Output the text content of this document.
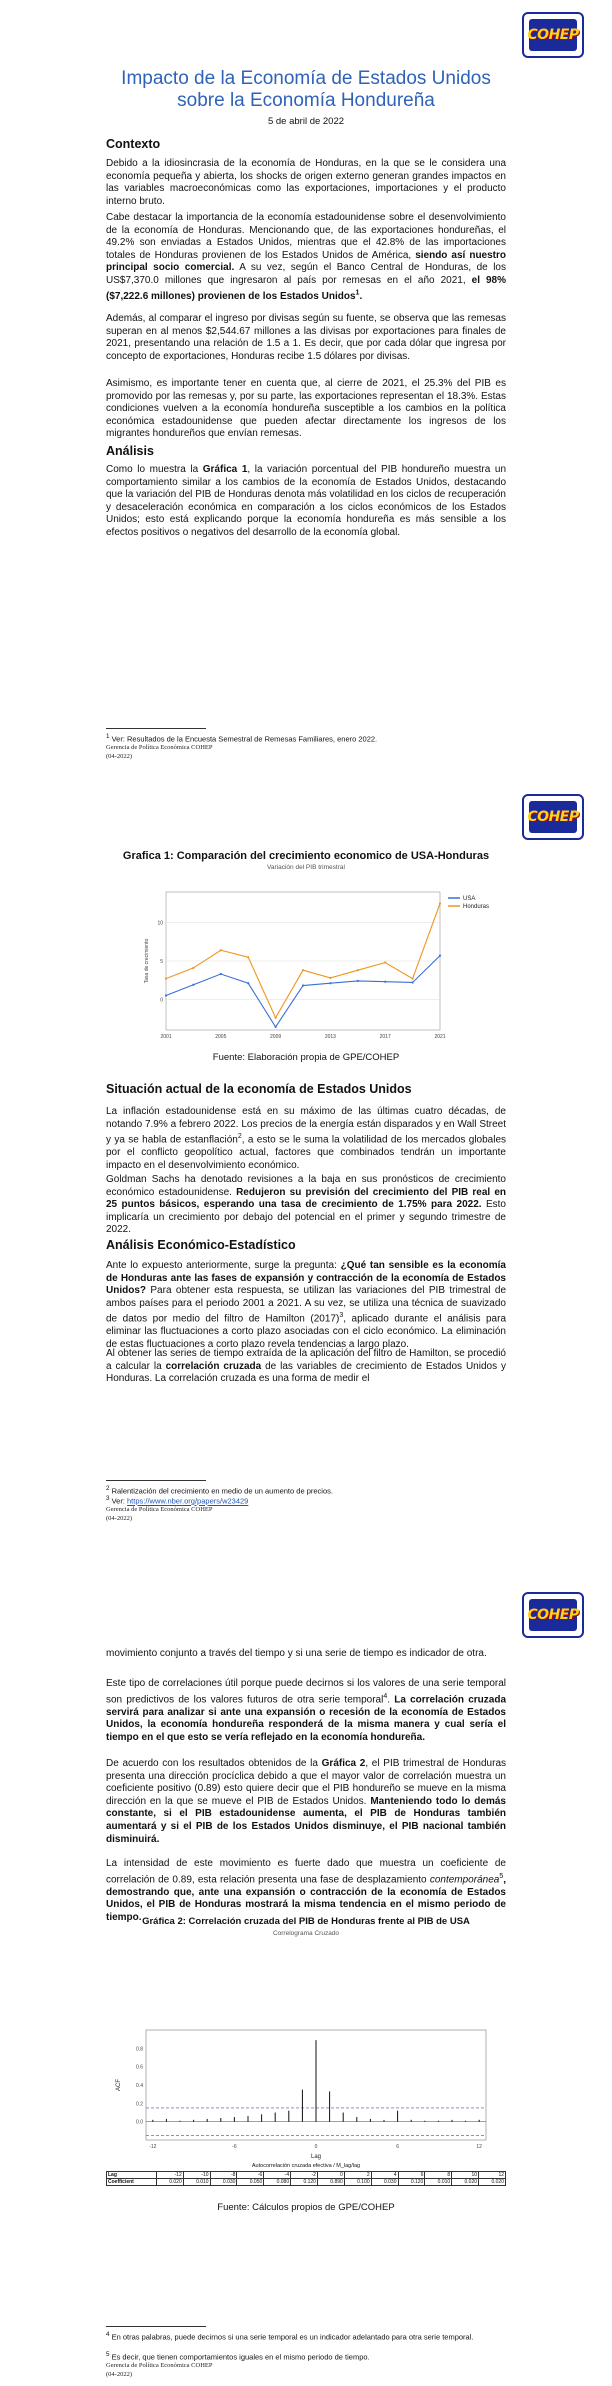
COHEP
Impacto de la Economía de Estados Unidos
sobre la Economía Hondureña
5 de abril de 2022
Contexto

Debido a la idiosincrasia de la economía de Honduras, en la que se le considera una economía pequeña y abierta, los shocks de origen externo generan grandes impactos en las variables macroeconómicas como las exportaciones, importaciones y el producto interno bruto.

Cabe destacar la importancia de la economía estadounidense sobre el desenvolvimiento de la economía de Honduras. Mencionando que, de las exportaciones hondureñas, el 49.2% son enviadas a Estados Unidos, mientras que el 42.8% de las importaciones totales de Honduras provienen de los Estados Unidos de América, siendo así nuestro principal socio comercial. A su vez, según el Banco Central de Honduras, de los US$7,370.0 millones que ingresaron al país por remesas en el año 2021, el 98% ($7,222.6 millones) provienen de los Estados Unidos$^1$.

Además, al comparar el ingreso por divisas según su fuente, se observa que las remesas superan en al menos $2,544.67 millones a las divisas por exportaciones para finales de 2021, presentando una relación de 1.5 a 1. Es decir, que por cada dólar que ingresa por concepto de exportaciones, Honduras recibe 1.5 dólares por divisas.

Asimismo, es importante tener en cuenta que, al cierre de 2021, el 25.3% del PIB es promovido por las remesas y, por su parte, las exportaciones representan el 18.3%. Estas condiciones vuelven a la economía hondureña susceptible a los cambios en la política económica estadounidense que pueden afectar directamente los ingresos de los migrantes hondureños que envían remesas.

Análisis

Como lo muestra la Gráfica 1, la variación porcentual del PIB hondureño muestra un comportamiento similar a los cambios de la economía de Estados Unidos, destacando que la variación del PIB de Honduras denota más volatilidad en los ciclos de recuperación y desaceleración económica en comparación a los ciclos económicos de los Estados Unidos; esto está explicando porque la economía hondureña es más sensible a los efectos positivos o negativos del desarrollo de la economía global.

$^1$ Ver: Resultados de la Encuesta Semestral de Remesas Familiares, enero 2022.
Gerencia de Política Económica COHEP
(04-2022)
COHEP
Grafica 1: Comparación del crecimiento economico de USA-Honduras
Variación del PIB trimestral
Fuente: Elaboración propia de GPE/COHEP
Situación actual de la economía de Estados Unidos

La inflación estadounidense está en su máximo de las últimas cuatro décadas, de notando 7.9% a febrero 2022. Los precios de la energía están disparados y en Wall Street y ya se habla de estanflación$^2$, a esto se le suma la volatilidad de los mercados globales por el conflicto geopolítico actual, factores que combinados tendrán un importante impacto en el desenvolvimiento económico.

Goldman Sachs ha denotado revisiones a la baja en sus pronósticos de crecimiento económico estadounidense. Redujeron su previsión del crecimiento del PIB real en 25 puntos básicos, esperando una tasa de crecimiento de 1.75% para 2022. Esto implicaría un crecimiento por debajo del potencial en el primer y segundo trimestre de 2022.

Análisis Económico-Estadístico

Ante lo expuesto anteriormente, surge la pregunta: ¿Qué tan sensible es la economía de Honduras ante las fases de expansión y contracción de la economía de Estados Unidos? Para obtener esta respuesta, se utilizan las variaciones del PIB trimestral de ambos países para el periodo 2001 a 2021. A su vez, se utiliza una técnica de suavizado de datos por medio del filtro de Hamilton $(2017)^3$, aplicado durante el análisis para eliminar las fluctuaciones a corto plazo asociadas con el ciclo económico. La eliminación de estas fluctuaciones a corto plazo revela tendencias a largo plazo.

Al obtener las series de tiempo extraída de la aplicación del filtro de Hamilton, se procedió a calcular la correlación cruzada de las variables de crecimiento de Estados Unidos y Honduras. La correlación cruzada es una forma de medir el

$^2$ Ralentización del crecimiento en medio de un aumento de precios.
$^3$ Ver: https://www.nber.org/papers/w23429
Gerencia de Política Económica COHEP
(04-2022)
0
5
10
2001	2005	2009	2013	2017	2021
Tasa de crecimiento
USA
Honduras
COHEP

movimiento conjunto a través del tiempo y si una serie de tiempo es indicador de otra.

Este tipo de correlaciones útil porque puede decirnos si los valores de una serie temporal son predictivos de los valores futuros de otra serie temporal$^4$. La correlación cruzada servirá para analizar si ante una expansión o recesión de la economía de Estados Unidos, la economía hondureña responderá de la misma manera y cual sería el tiempo en el que esto se vería reflejado en la economía hondureña.

De acuerdo con los resultados obtenidos de la Gráfica 2, el PIB trimestral de Honduras presenta una dirección procíclica debido a que el mayor valor de correlación muestra un coeficiente positivo (0.89) esto quiere decir que el PIB hondureño se mueve en la misma dirección en la que se mueve el PIB de Estados Unidos. Manteniendo todo lo demás constante, si el PIB estadounidense aumenta, el PIB de Honduras también aumentará y si el PIB de los Estados Unidos disminuye, el PIB nacional también disminuirá.

La intensidad de este movimiento es fuerte dado que muestra un coeficiente de correlación de 0.89, esta relación presenta una fase de desplazamiento contemporánea$^5$, demostrando que, ante una expansión o contracción de la economía de Estados Unidos, el PIB de Honduras mostrará la misma tendencia en el mismo periodo de tiempo. Gráfica 2: Correlación cruzada del PIB de Honduras frente al PIB de USA
Correlograma Cruzado
Fuente: Cálculos propios de GPE/COHEP
$^4$ En otras palabras, puede decirnos si una serie temporal es un indicador adelantado para otra serie temporal.
$^5$ Es decir, que tienen comportamientos iguales en el mismo periodo de tiempo.
Gerencia de Política Económica COHEP
(04-2022)
0.0
0.2
0.4
0.6
0.8
-12	-6	0	6	12
Lag
ACF
Autocorrelación cruzada efectiva / M_lag/lag
Lag	-12	-10	-8	-6	-4	-2	0	2	4	6	8	10	12
Coefficient	0.020	0.010	0.030	0.050	0.080	0.120	0.890	0.100	0.030	0.120	0.010	0.020	0.020
